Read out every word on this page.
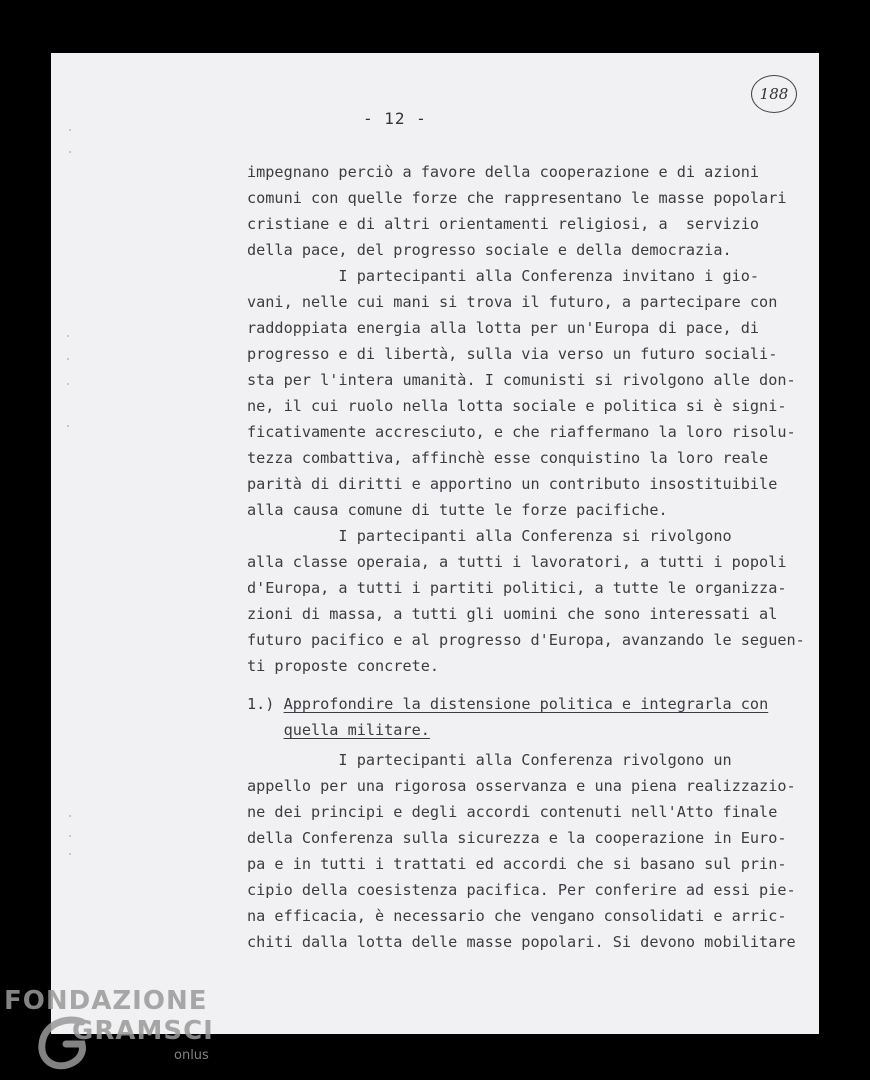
- 12 -
188

impegnano perciò a favore della cooperazione e di azioni

comuni con quelle forze che rappresentano le masse popolari

cristiane e di altri orientamenti religiosi, a  servizio

della pace, del progresso sociale e della democrazia.

I partecipanti alla Conferenza invitano i gio-

vani, nelle cui mani si trova il futuro, a partecipare con

raddoppiata energia alla lotta per un'Europa di pace, di

progresso e di libertà, sulla via verso un futuro sociali-

sta per l'intera umanità. I comunisti si rivolgono alle don-

ne, il cui ruolo nella lotta sociale e politica si è signi-

ficativamente accresciuto, e che riaffermano la loro risolu-

tezza combattiva, affinchè esse conquistino la loro reale

parità di diritti e apportino un contributo insostituibile

alla causa comune di tutte le forze pacifiche.

I partecipanti alla Conferenza si rivolgono

alla classe operaia, a tutti i lavoratori, a tutti i popoli

d'Europa, a tutti i partiti politici, a tutte le organizza-

zioni di massa, a tutti gli uomini che sono interessati al

futuro pacifico e al progresso d'Europa, avanzando le seguen-

ti proposte concrete.

1.) Approfondire la distensione politica e integrarla con

quella militare.

I partecipanti alla Conferenza rivolgono un

appello per una rigorosa osservanza e una piena realizzazio-

ne dei principi e degli accordi contenuti nell'Atto finale

della Conferenza sulla sicurezza e la cooperazione in Euro-

pa e in tutti i trattati ed accordi che si basano sul prin-

cipio della coesistenza pacifica. Per conferire ad essi pie-

na efficacia, è necessario che vengano consolidati e arric-

chiti dalla lotta delle masse popolari. Si devono mobilitare

FONDAZIONE
GRAMSCI
onlus
